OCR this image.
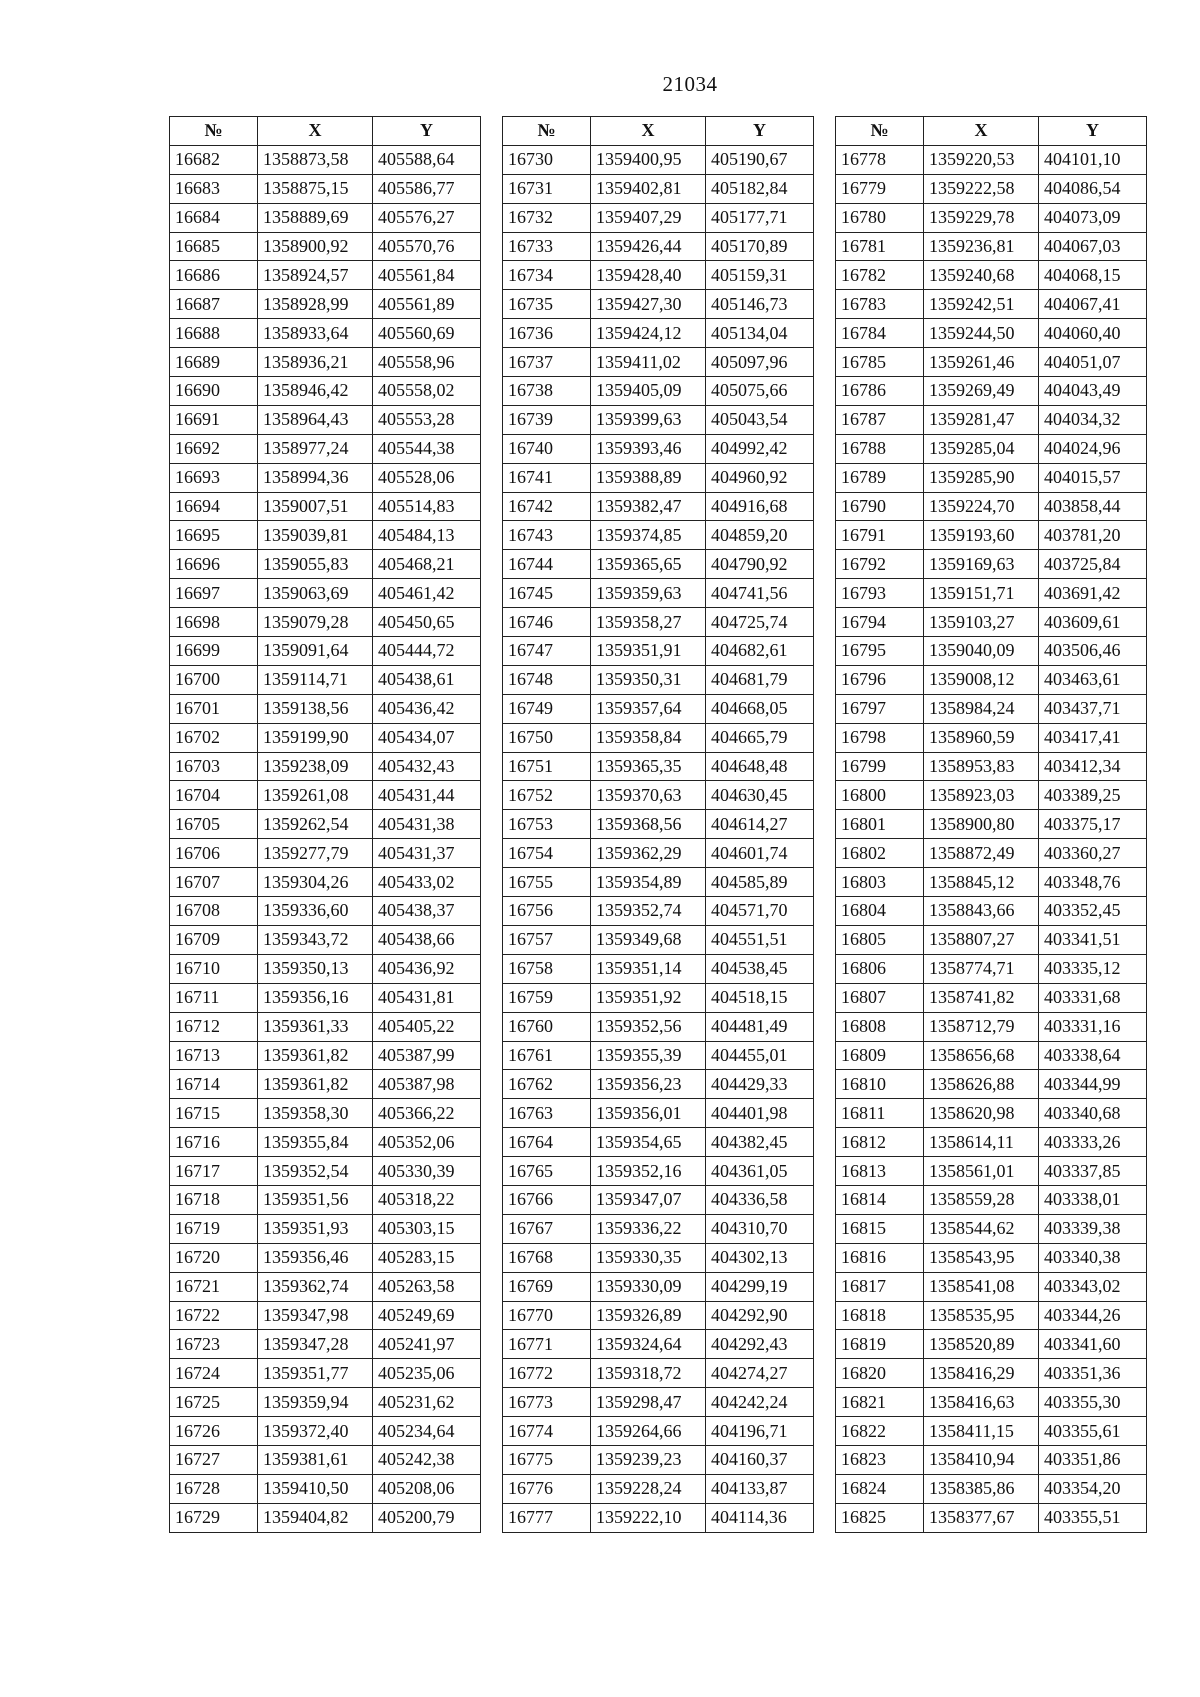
21034
№	X	Y
16682	1358873,58	405588,64
16683	1358875,15	405586,77
16684	1358889,69	405576,27
16685	1358900,92	405570,76
16686	1358924,57	405561,84
16687	1358928,99	405561,89
16688	1358933,64	405560,69
16689	1358936,21	405558,96
16690	1358946,42	405558,02
16691	1358964,43	405553,28
16692	1358977,24	405544,38
16693	1358994,36	405528,06
16694	1359007,51	405514,83
16695	1359039,81	405484,13
16696	1359055,83	405468,21
16697	1359063,69	405461,42
16698	1359079,28	405450,65
16699	1359091,64	405444,72
16700	1359114,71	405438,61
16701	1359138,56	405436,42
16702	1359199,90	405434,07
16703	1359238,09	405432,43
16704	1359261,08	405431,44
16705	1359262,54	405431,38
16706	1359277,79	405431,37
16707	1359304,26	405433,02
16708	1359336,60	405438,37
16709	1359343,72	405438,66
16710	1359350,13	405436,92
16711	1359356,16	405431,81
16712	1359361,33	405405,22
16713	1359361,82	405387,99
16714	1359361,82	405387,98
16715	1359358,30	405366,22
16716	1359355,84	405352,06
16717	1359352,54	405330,39
16718	1359351,56	405318,22
16719	1359351,93	405303,15
16720	1359356,46	405283,15
16721	1359362,74	405263,58
16722	1359347,98	405249,69
16723	1359347,28	405241,97
16724	1359351,77	405235,06
16725	1359359,94	405231,62
16726	1359372,40	405234,64
16727	1359381,61	405242,38
16728	1359410,50	405208,06
16729	1359404,82	405200,79
№	X	Y
16730	1359400,95	405190,67
16731	1359402,81	405182,84
16732	1359407,29	405177,71
16733	1359426,44	405170,89
16734	1359428,40	405159,31
16735	1359427,30	405146,73
16736	1359424,12	405134,04
16737	1359411,02	405097,96
16738	1359405,09	405075,66
16739	1359399,63	405043,54
16740	1359393,46	404992,42
16741	1359388,89	404960,92
16742	1359382,47	404916,68
16743	1359374,85	404859,20
16744	1359365,65	404790,92
16745	1359359,63	404741,56
16746	1359358,27	404725,74
16747	1359351,91	404682,61
16748	1359350,31	404681,79
16749	1359357,64	404668,05
16750	1359358,84	404665,79
16751	1359365,35	404648,48
16752	1359370,63	404630,45
16753	1359368,56	404614,27
16754	1359362,29	404601,74
16755	1359354,89	404585,89
16756	1359352,74	404571,70
16757	1359349,68	404551,51
16758	1359351,14	404538,45
16759	1359351,92	404518,15
16760	1359352,56	404481,49
16761	1359355,39	404455,01
16762	1359356,23	404429,33
16763	1359356,01	404401,98
16764	1359354,65	404382,45
16765	1359352,16	404361,05
16766	1359347,07	404336,58
16767	1359336,22	404310,70
16768	1359330,35	404302,13
16769	1359330,09	404299,19
16770	1359326,89	404292,90
16771	1359324,64	404292,43
16772	1359318,72	404274,27
16773	1359298,47	404242,24
16774	1359264,66	404196,71
16775	1359239,23	404160,37
16776	1359228,24	404133,87
16777	1359222,10	404114,36
№	X	Y
16778	1359220,53	404101,10
16779	1359222,58	404086,54
16780	1359229,78	404073,09
16781	1359236,81	404067,03
16782	1359240,68	404068,15
16783	1359242,51	404067,41
16784	1359244,50	404060,40
16785	1359261,46	404051,07
16786	1359269,49	404043,49
16787	1359281,47	404034,32
16788	1359285,04	404024,96
16789	1359285,90	404015,57
16790	1359224,70	403858,44
16791	1359193,60	403781,20
16792	1359169,63	403725,84
16793	1359151,71	403691,42
16794	1359103,27	403609,61
16795	1359040,09	403506,46
16796	1359008,12	403463,61
16797	1358984,24	403437,71
16798	1358960,59	403417,41
16799	1358953,83	403412,34
16800	1358923,03	403389,25
16801	1358900,80	403375,17
16802	1358872,49	403360,27
16803	1358845,12	403348,76
16804	1358843,66	403352,45
16805	1358807,27	403341,51
16806	1358774,71	403335,12
16807	1358741,82	403331,68
16808	1358712,79	403331,16
16809	1358656,68	403338,64
16810	1358626,88	403344,99
16811	1358620,98	403340,68
16812	1358614,11	403333,26
16813	1358561,01	403337,85
16814	1358559,28	403338,01
16815	1358544,62	403339,38
16816	1358543,95	403340,38
16817	1358541,08	403343,02
16818	1358535,95	403344,26
16819	1358520,89	403341,60
16820	1358416,29	403351,36
16821	1358416,63	403355,30
16822	1358411,15	403355,61
16823	1358410,94	403351,86
16824	1358385,86	403354,20
16825	1358377,67	403355,51
